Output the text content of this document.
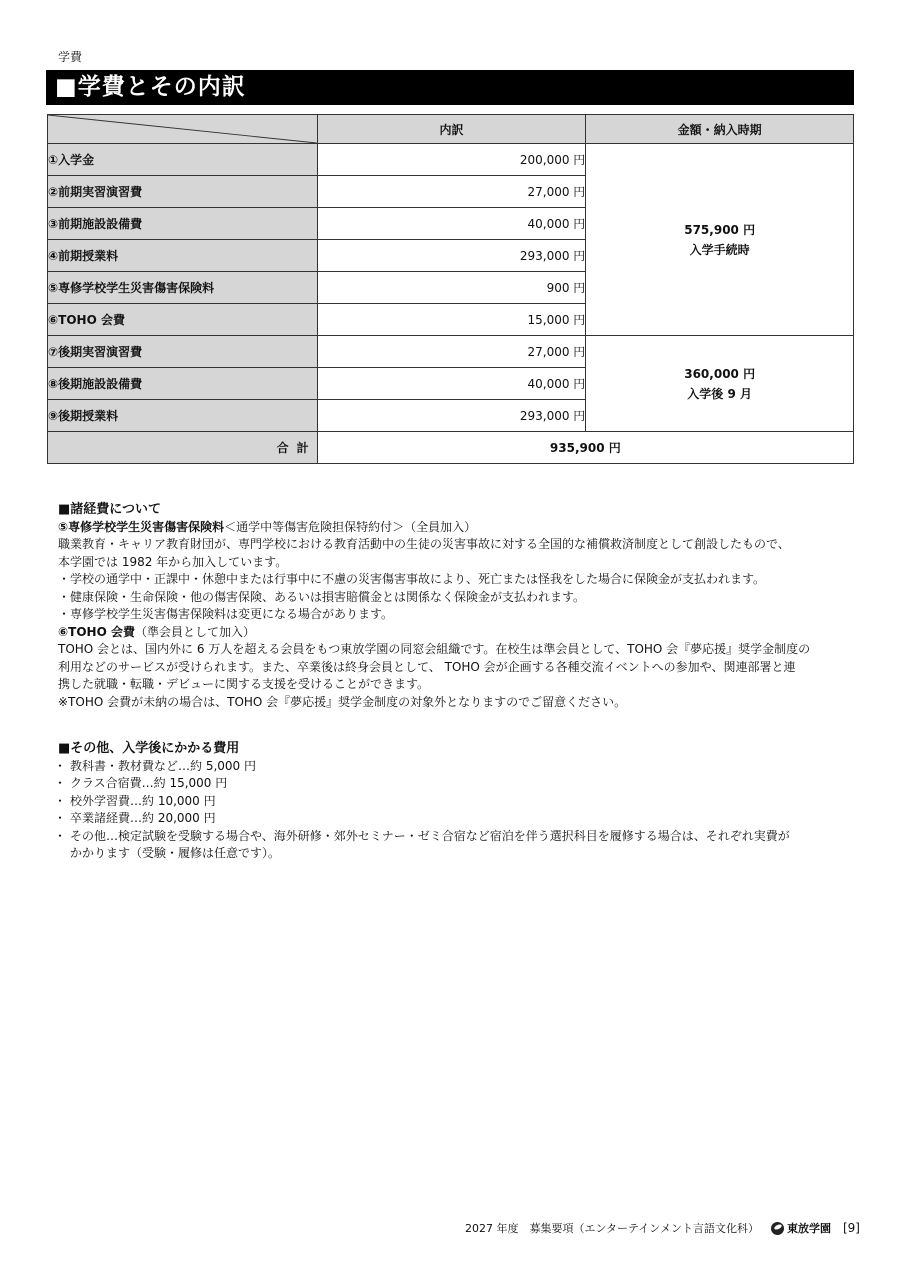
学費
■学費とその内訳
	内訳	金額・納入時期
①入学金	200,000 円	575,900 円
入学手続時

②前期実習演習費	27,000 円	
③前期施設設備費	40,000 円	
④前期授業料	293,000 円	
⑤専修学校学生災害傷害保険料	900 円	
⑥TOHO 会費	15,000 円	
⑦後期実習演習費	27,000 円	360,000 円
入学後 9 月

⑧後期施設設備費	40,000 円	
⑨後期授業料	293,000 円	
合計	935,900 円	

■諸経費について

⑤専修学校学生災害傷害保険料＜通学中等傷害危険担保特約付＞（全員加入）

職業教育・キャリア教育財団が、専門学校における教育活動中の生徒の災害事故に対する全国的な補償救済制度として創設したもので、

本学園では 1982 年から加入しています。

・学校の通学中・正課中・休憩中または行事中に不慮の災害傷害事故により、死亡または怪我をした場合に保険金が支払われます。

・健康保険・生命保険・他の傷害保険、あるいは損害賠償金とは関係なく保険金が支払われます。

・専修学校学生災害傷害保険料は変更になる場合があります。

⑥TOHO 会費（準会員として加入）

TOHO 会とは、国内外に 6 万人を超える会員をもつ東放学園の同窓会組織です。在校生は準会員として、TOHO 会『夢応援』奨学金制度の

利用などのサービスが受けられます。また、卒業後は終身会員として、 TOHO 会が企画する各種交流イベントへの参加や、関連部署と連

携した就職・転職・デビューに関する支援を受けることができます。

※TOHO 会費が未納の場合は、TOHO 会『夢応援』奨学金制度の対象外となりますのでご留意ください。

■その他、入学後にかかる費用

・ 教科書・教材費など…約 5,000 円
・ クラス合宿費…約 15,000 円
・ 校外学習費…約 10,000 円
・ 卒業諸経費…約 20,000 円
・ その他…検定試験を受験する場合や、海外研修・郊外セミナー・ゼミ合宿など宿泊を伴う選択科目を履修する場合は、それぞれ実費が
かかります（受験・履修は任意です）。
2027 年度　募集要項（エンターテインメント言語文化科）	東放学園 [9]
